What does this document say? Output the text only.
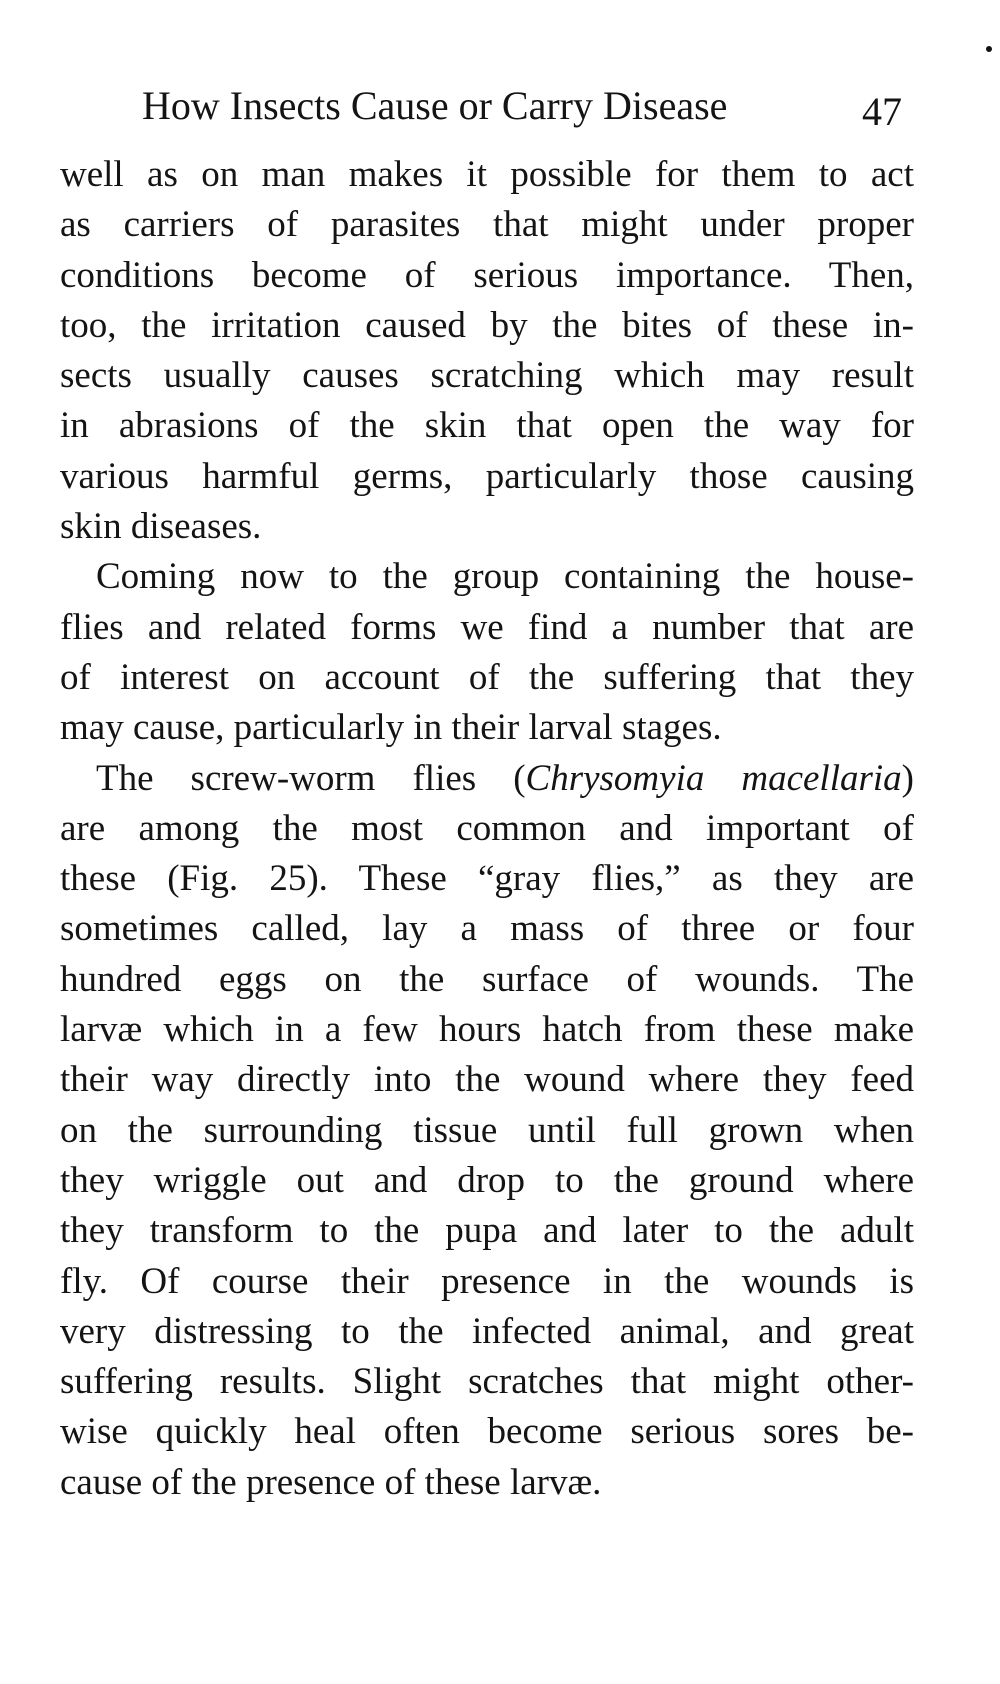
How Insects Cause or Carry Disease	47
well as on man makes it possible for them to act
as carriers of parasites that might under proper
conditions become of serious importance. Then,
too, the irritation caused by the bites of these in-
sects usually causes scratching which may result
in abrasions of the skin that open the way for
various harmful germs, particularly those causing
skin diseases.
Coming now to the group containing the house-
flies and related forms we find a number that are
of interest on account of the suffering that they
may cause, particularly in their larval stages.
The screw-worm flies (Chrysomyia macellaria)
are among the most common and important of
these (Fig. 25). These “gray flies,” as they are
sometimes called, lay a mass of three or four
hundred eggs on the surface of wounds. The
larvæ which in a few hours hatch from these make
their way directly into the wound where they feed
on the surrounding tissue until full grown when
they wriggle out and drop to the ground where
they transform to the pupa and later to the adult
fly. Of course their presence in the wounds is
very distressing to the infected animal, and great
suffering results. Slight scratches that might other-
wise quickly heal often become serious sores be-
cause of the presence of these larvæ.
